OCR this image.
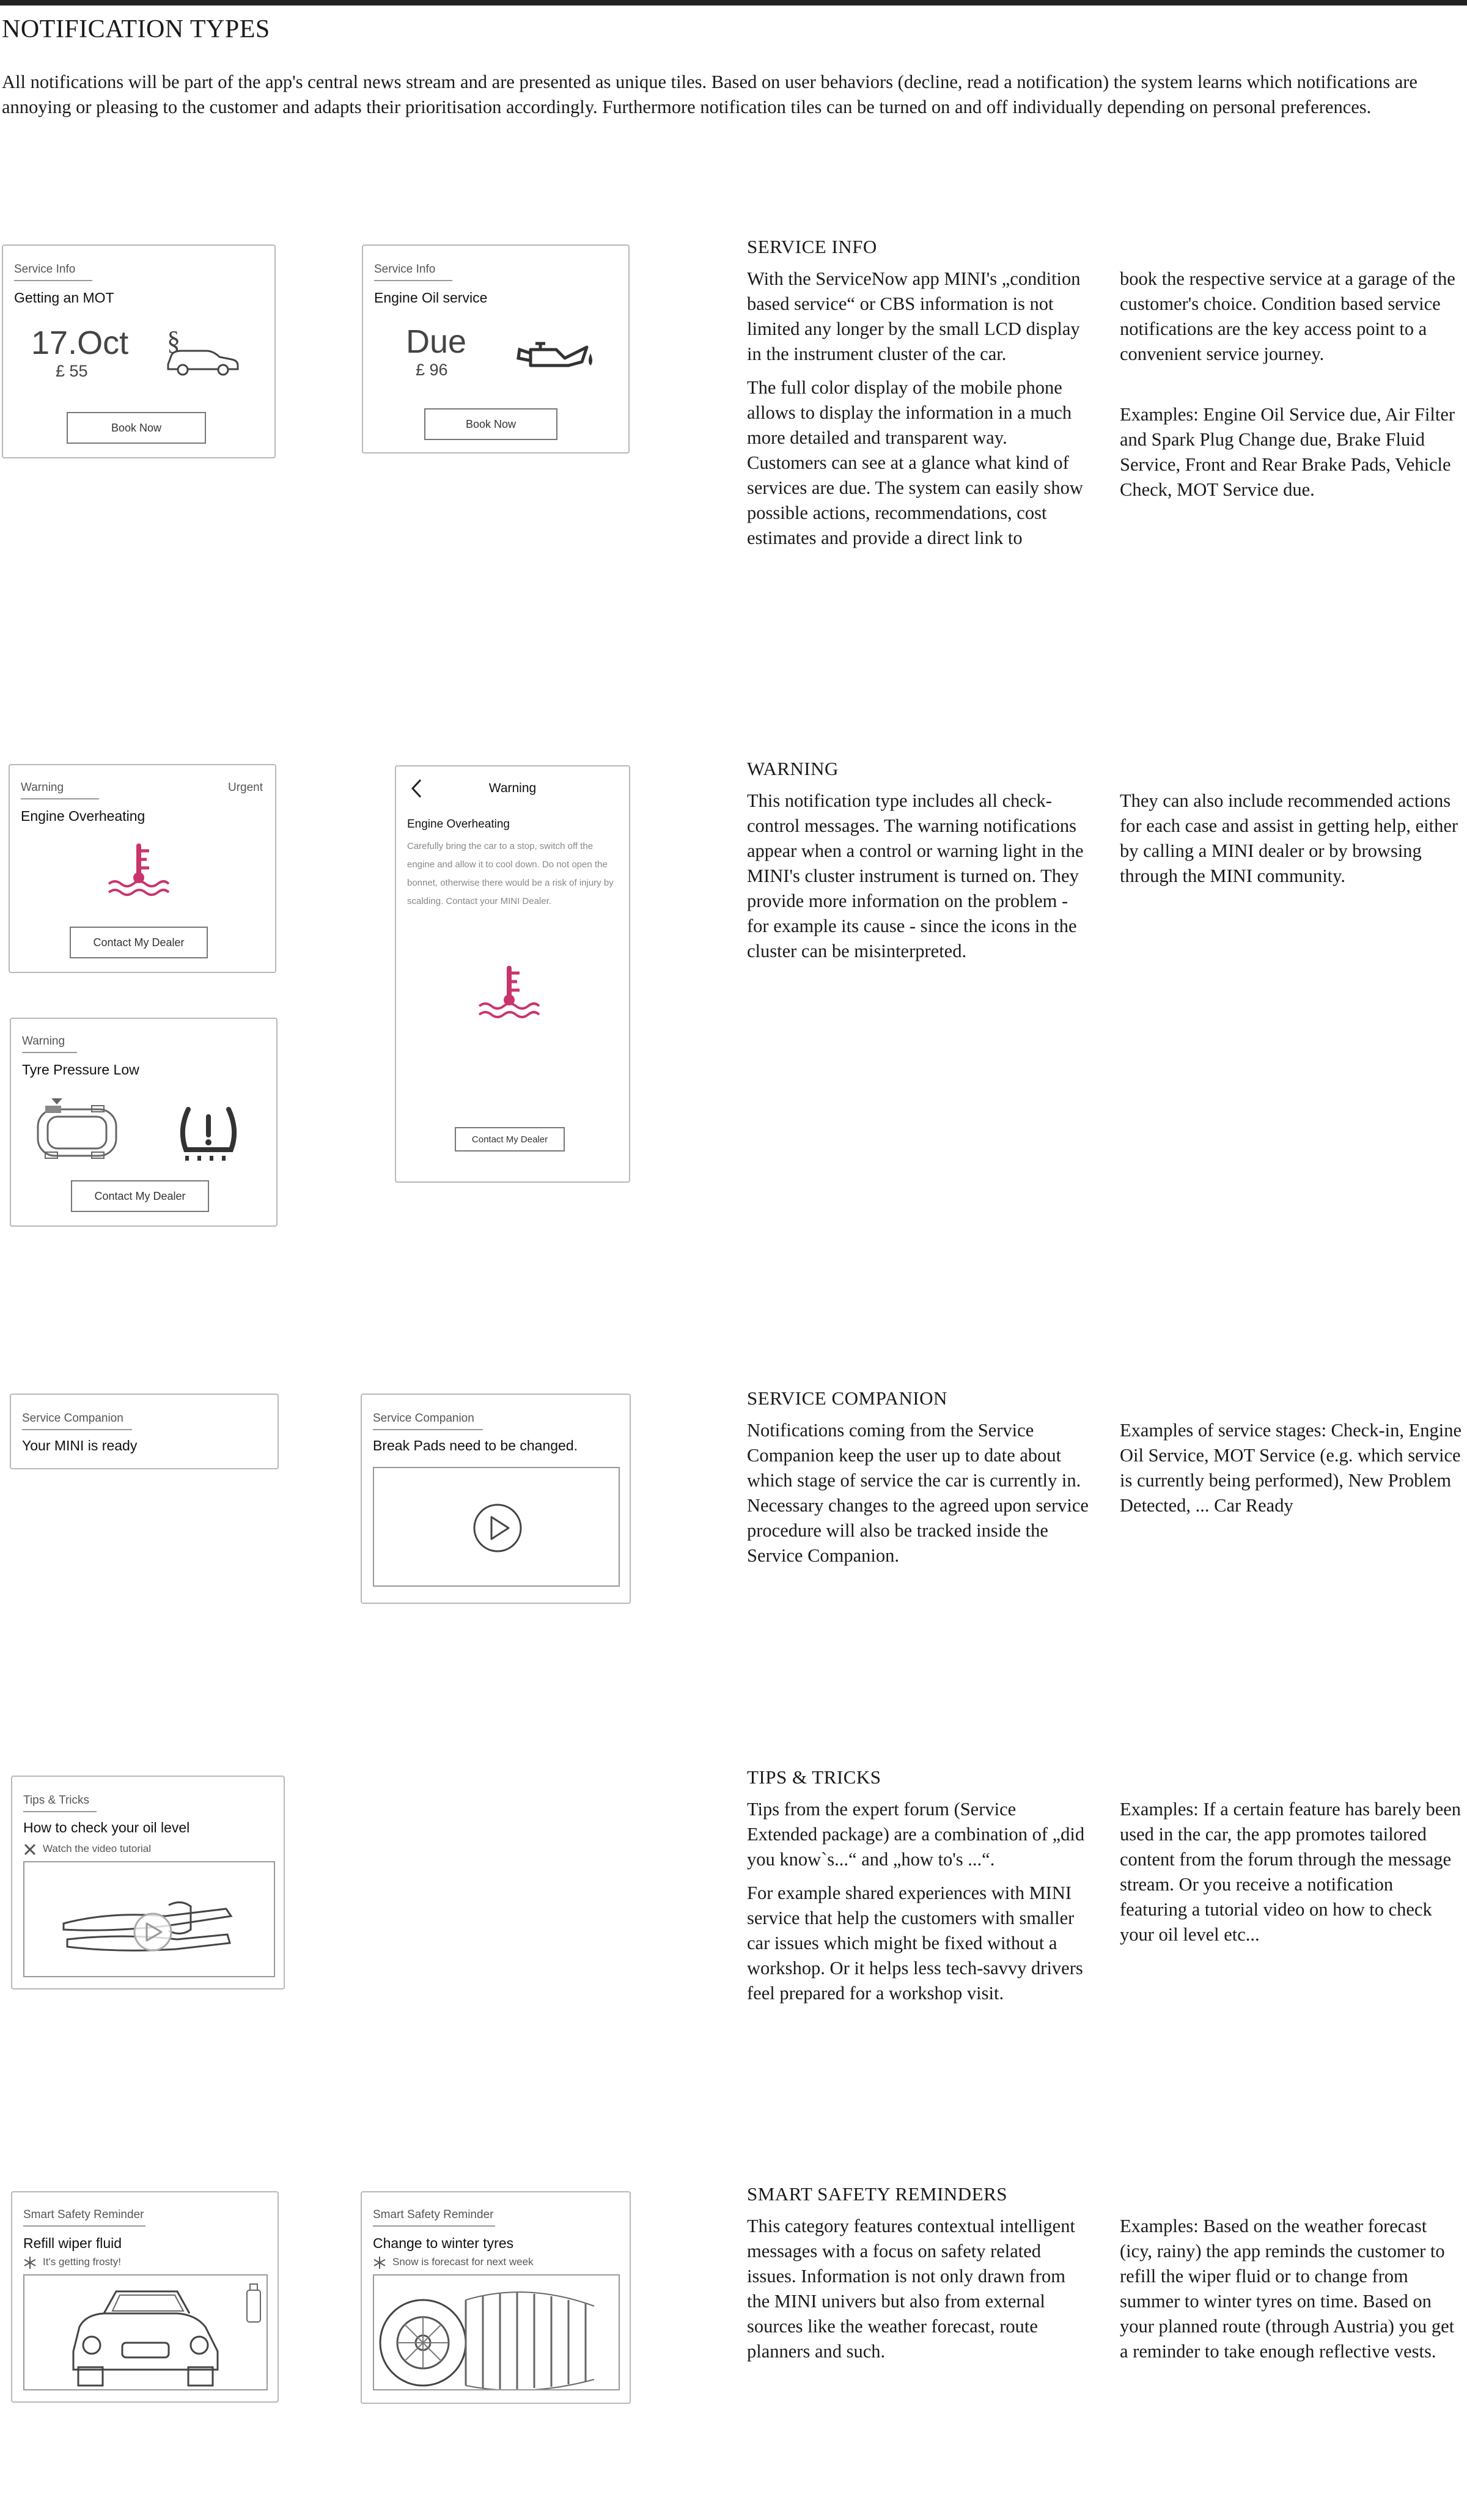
NOTIFICATION TYPES
All notifications will be part of the app's central news stream and are presented as unique tiles. Based on user behaviors (decline, read a notification) the system learns which notifications are annoying or pleasing to the customer and adapts their prioritisation accordingly. Furthermore notification tiles can be turned on and off individually depending on personal preferences.
Service Info
Getting an MOT
17.Oct
£ 55
§
Book Now
Service Info
Engine Oil service
Due
£ 96
Book Now
SERVICE INFO

With the ServiceNow app MINI's „condition based service“ or CBS information is not limited any longer by the small LCD display in the instrument cluster of the car.

The full color display of the mobile phone allows to display the information in a much more detailed and transparent way. Customers can see at a glance what kind of services are due. The system can easily show possible actions, recommendations, cost estimates and provide a direct link to

book the respective service at a garage of the customer's choice. Condition based service notifications are the key access point to a convenient service journey.

Examples: Engine Oil Service due, Air Filter and Spark Plug Change due, Brake Fluid Service, Front and Rear Brake Pads, Vehicle Check, MOT Service due.

Warning	Urgent
Engine Overheating
Contact My Dealer
Warning
Tyre Pressure Low
Contact My Dealer
Warning
Engine Overheating
Carefully bring the car to a stop, switch off the engine and allow it to cool down. Do not open the bonnet, otherwise there would be a risk of injury by scalding. Contact your MINI Dealer.
Contact My Dealer
WARNING
This notification type includes all check-control messages. The warning notifications appear when a control or warning light in the MINI's cluster instrument is turned on. They provide more information on the problem - for example its cause - since the icons in the cluster can be misinterpreted.
They can also include recommended actions for each case and assist in getting help, either by calling a MINI dealer or by browsing through the MINI community.
Service Companion
Your MINI is ready
Service Companion
Break Pads need to be changed.
SERVICE COMPANION
Notifications coming from the Service Companion keep the user up to date about which stage of service the car is currently in. Necessary changes to the agreed upon service procedure will also be tracked inside the Service Companion.
Examples of service stages: Check-in, Engine Oil Service, MOT Service (e.g. which service is currently being performed), New Problem Detected, ... Car Ready
Tips & Tricks
How to check your oil level
Watch the video tutorial
TIPS & TRICKS

Tips from the expert forum (Service Extended package) are a combination of „did you know`s...“ and „how to's ...“.

For example shared experiences with MINI service that help the customers with smaller car issues which might be fixed without a workshop. Or it helps less tech-savvy drivers feel prepared for a workshop visit.

Examples: If a certain feature has barely been used in the car, the app promotes tailored content from the forum through the message stream. Or you receive a notification featuring a tutorial video on how to check your oil level etc...
Smart Safety Reminder
Refill wiper fluid
It's getting frosty!
Smart Safety Reminder
Change to winter tyres
Snow is forecast for next week
SMART SAFETY REMINDERS
This category features contextual intelligent messages with a focus on safety related issues. Information is not only drawn from the MINI univers but also from external sources like the weather forecast, route planners and such.
Examples: Based on the weather forecast (icy, rainy) the app reminds the customer to refill the wiper fluid or to change from summer to winter tyres on time. Based on your planned route (through Austria) you get a reminder to take enough reflective vests.
